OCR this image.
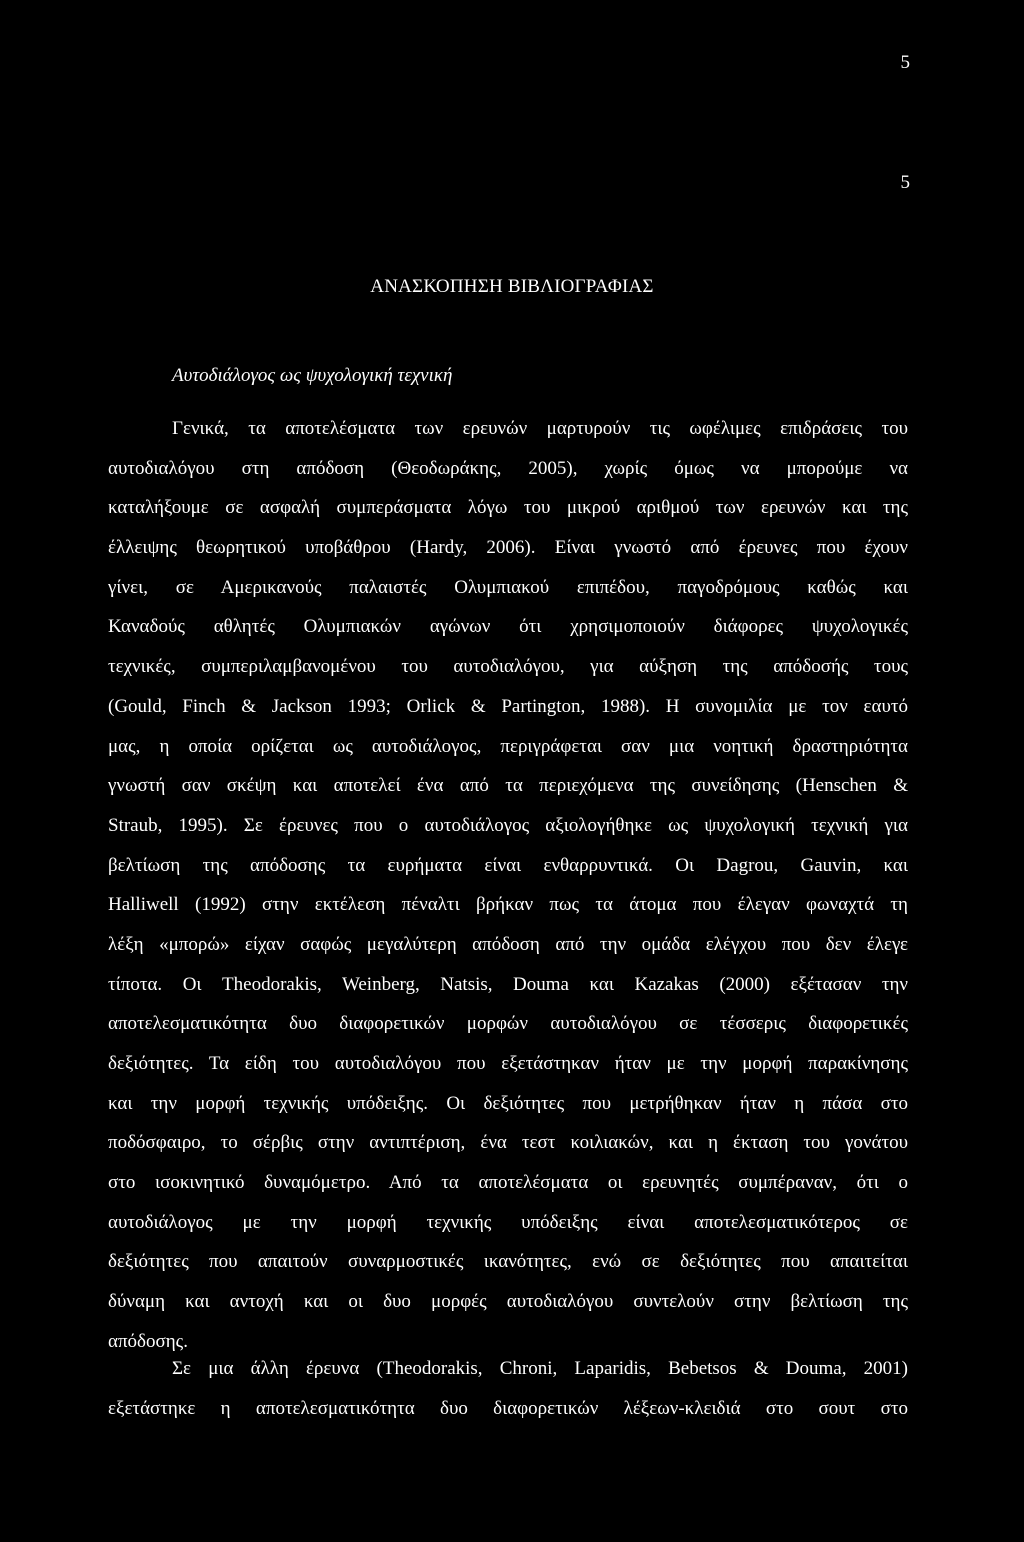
5
5
ΑΝΑΣΚΟΠΗΣΗ ΒΙΒΛΙΟΓΡΑΦΙΑΣ
Αυτοδιάλογος ως ψυχολογική τεχνική
Γενικά, τα αποτελέσματα των ερευνών μαρτυρούν τις ωφέλιμες επιδράσεις του
αυτοδιαλόγου στη απόδοση (Θεοδωράκης, 2005), χωρίς όμως να μπορούμε να
καταλήξουμε σε ασφαλή συμπεράσματα λόγω του μικρού αριθμού των ερευνών και της
έλλειψης θεωρητικού υποβάθρου (Hardy, 2006). Είναι γνωστό από έρευνες που έχουν
γίνει, σε Αμερικανούς παλαιστές Ολυμπιακού επιπέδου, παγοδρόμους καθώς και
Καναδούς αθλητές Ολυμπιακών αγώνων ότι χρησιμοποιούν διάφορες ψυχολογικές
τεχνικές, συμπεριλαμβανομένου του αυτοδιαλόγου, για αύξηση της απόδοσής τους
(Gould, Finch & Jackson 1993; Orlick & Partington, 1988). Η συνομιλία με τον εαυτό
μας, η οποία ορίζεται ως αυτοδιάλογος, περιγράφεται σαν μια νοητική δραστηριότητα
γνωστή σαν σκέψη και αποτελεί ένα από τα περιεχόμενα της συνείδησης (Henschen &
Straub, 1995). Σε έρευνες που ο αυτοδιάλογος αξιολογήθηκε ως ψυχολογική τεχνική για
βελτίωση της απόδοσης τα ευρήματα είναι ενθαρρυντικά. Οι Dagrou, Gauvin, και
Halliwell (1992) στην εκτέλεση πέναλτι βρήκαν πως τα άτομα που έλεγαν φωναχτά τη
λέξη «μπορώ» είχαν σαφώς μεγαλύτερη απόδοση από την ομάδα ελέγχου που δεν έλεγε
τίποτα. Οι Theodorakis, Weinberg, Natsis, Douma και Kazakas (2000) εξέτασαν την
αποτελεσματικότητα δυο διαφορετικών μορφών αυτοδιαλόγου σε τέσσερις διαφορετικές
δεξιότητες. Τα είδη του αυτοδιαλόγου που εξετάστηκαν ήταν με την μορφή παρακίνησης
και την μορφή τεχνικής υπόδειξης. Οι δεξιότητες που μετρήθηκαν ήταν η πάσα στο
ποδόσφαιρο, το σέρβις στην αντιπτέριση, ένα τεστ κοιλιακών, και η έκταση του γονάτου
στο ισοκινητικό δυναμόμετρο. Από τα αποτελέσματα οι ερευνητές συμπέραναν, ότι ο
αυτοδιάλογος με την μορφή τεχνικής υπόδειξης είναι αποτελεσματικότερος σε
δεξιότητες που απαιτούν συναρμοστικές ικανότητες, ενώ σε δεξιότητες που απαιτείται
δύναμη και αντοχή και οι δυο μορφές αυτοδιαλόγου συντελούν στην βελτίωση της
απόδοσης.
Σε μια άλλη έρευνα (Theodorakis, Chroni, Laparidis, Bebetsos & Douma, 2001)
εξετάστηκε η αποτελεσματικότητα δυο διαφορετικών λέξεων-κλειδιά στο σουτ στο
